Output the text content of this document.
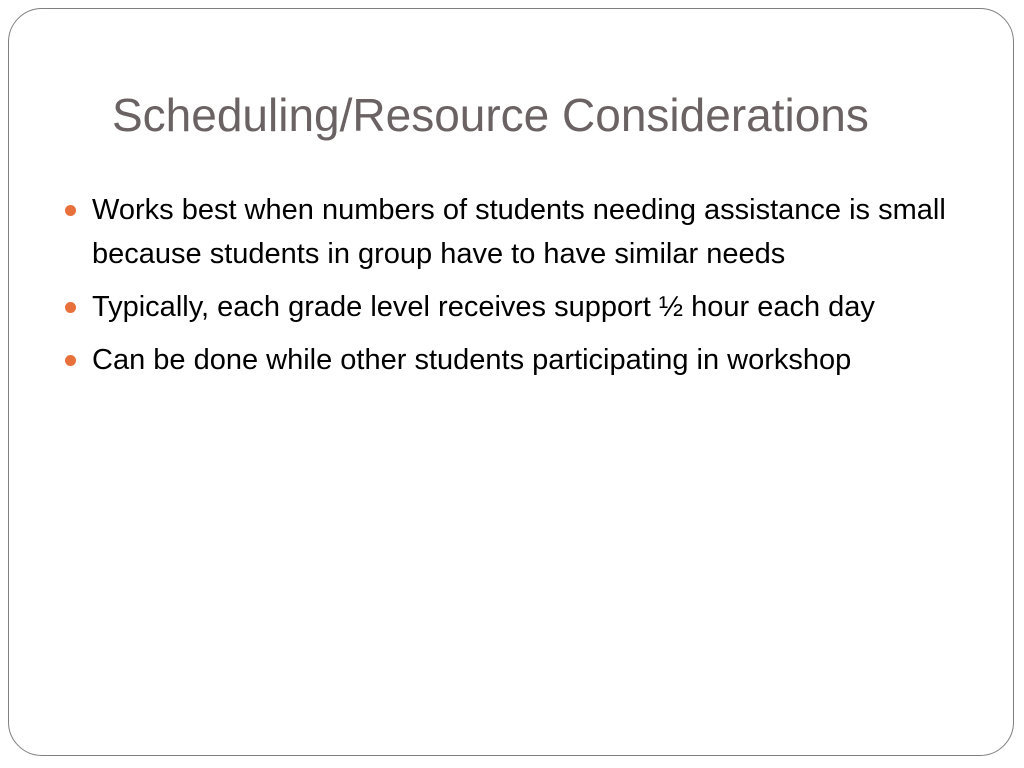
Scheduling/Resource Considerations
Works best when numbers of students needing assistance is small because students in group have to have similar needs
Typically, each grade level receives support ½ hour each day
Can be done while other students participating in workshop
